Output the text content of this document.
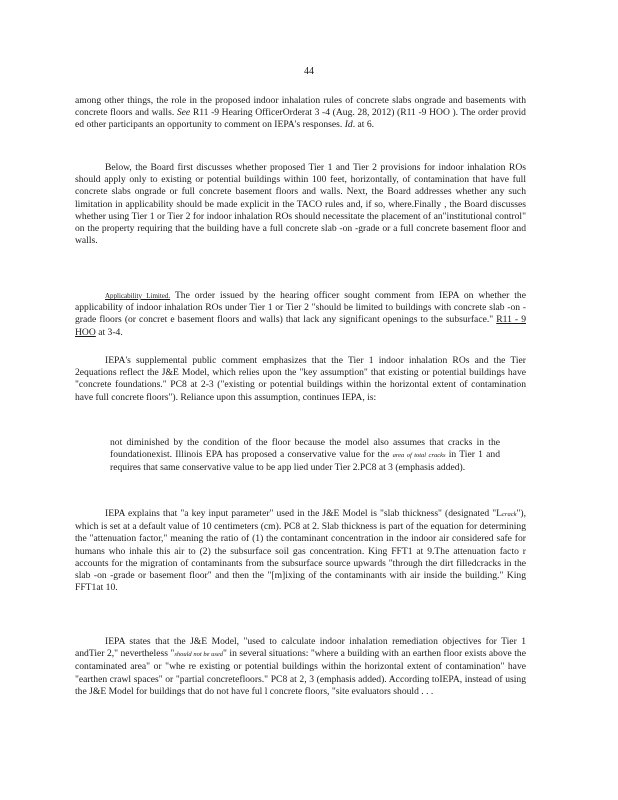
44

among other things, the role in the proposed indoor inhalation rules of concrete slabs ongrade and basements with concrete floors and walls. See R11 -9 Hearing OfficerOrderat 3 -4 (Aug. 28, 2012) (R11 -9 HOO ). The order provid ed other participants an opportunity to comment on IEPA's responses. Id. at 6.

Below, the Board first discusses whether proposed Tier 1 and Tier 2 provisions for indoor inhalation ROs should apply only to existing or potential buildings within 100 feet, horizontally, of contamination that have full concrete slabs ongrade or full concrete basement floors and walls. Next, the Board addresses whether any such limitation in applicability should be made explicit in the TACO rules and, if so, where.Finally , the Board discusses whether using Tier 1 or Tier 2 for indoor inhalation ROs should necessitate the placement of an"institutional control" on the property requiring that the building have a full concrete slab -on -grade or a full concrete basement floor and walls.

Applicability Limited. The order issued by the hearing officer sought comment from IEPA on whether the applicability of indoor inhalation ROs under Tier 1 or Tier 2 "should be limited to buildings with concrete slab -on -grade floors (or concret e basement floors and walls) that lack any significant openings to the subsurface." R11 - 9 HOO at 3-4.

IEPA's supplemental public comment emphasizes that the Tier 1 indoor inhalation ROs and the Tier 2equations reflect the J&E Model, which relies upon the "key assumption" that existing or potential buildings have "concrete foundations." PC8 at 2-3 ("existing or potential buildings within the horizontal extent of contamination have full concrete floors"). Reliance upon this assumption, continues IEPA, is:

not diminished by the condition of the floor because the model also assumes that cracks in the foundationexist. Illinois EPA has proposed a conservative value for the area of total cracks in Tier 1 and requires that same conservative value to be app lied under Tier 2.PC8 at 3 (emphasis added).

IEPA explains that "a key input parameter" used in the J&E Model is "slab thickness" (designated "Lcrack"), which is set at a default value of 10 centimeters (cm). PC8 at 2. Slab thickness is part of the equation for determining the "attenuation factor," meaning the ratio of (1) the contaminant concentration in the indoor air considered safe for humans who inhale this air to (2) the subsurface soil gas concentration. King FFT1 at 9.The attenuation facto r accounts for the migration of contaminants from the subsurface source upwards "through the dirt filledcracks in the slab -on -grade or basement floor" and then the "[m]ixing of the contaminants with air inside the building." King FFT1at 10.

IEPA states that the J&E Model, "used to calculate indoor inhalation remediation objectives for Tier 1 andTier 2," nevertheless "should not be used" in several situations: "where a building with an earthen floor exists above the contaminated area" or "whe re existing or potential buildings within the horizontal extent of contamination" have "earthen crawl spaces" or "partial concretefloors." PC8 at 2, 3 (emphasis added). According toIEPA, instead of using the J&E Model for buildings that do not have ful l concrete floors, "site evaluators should . . .
